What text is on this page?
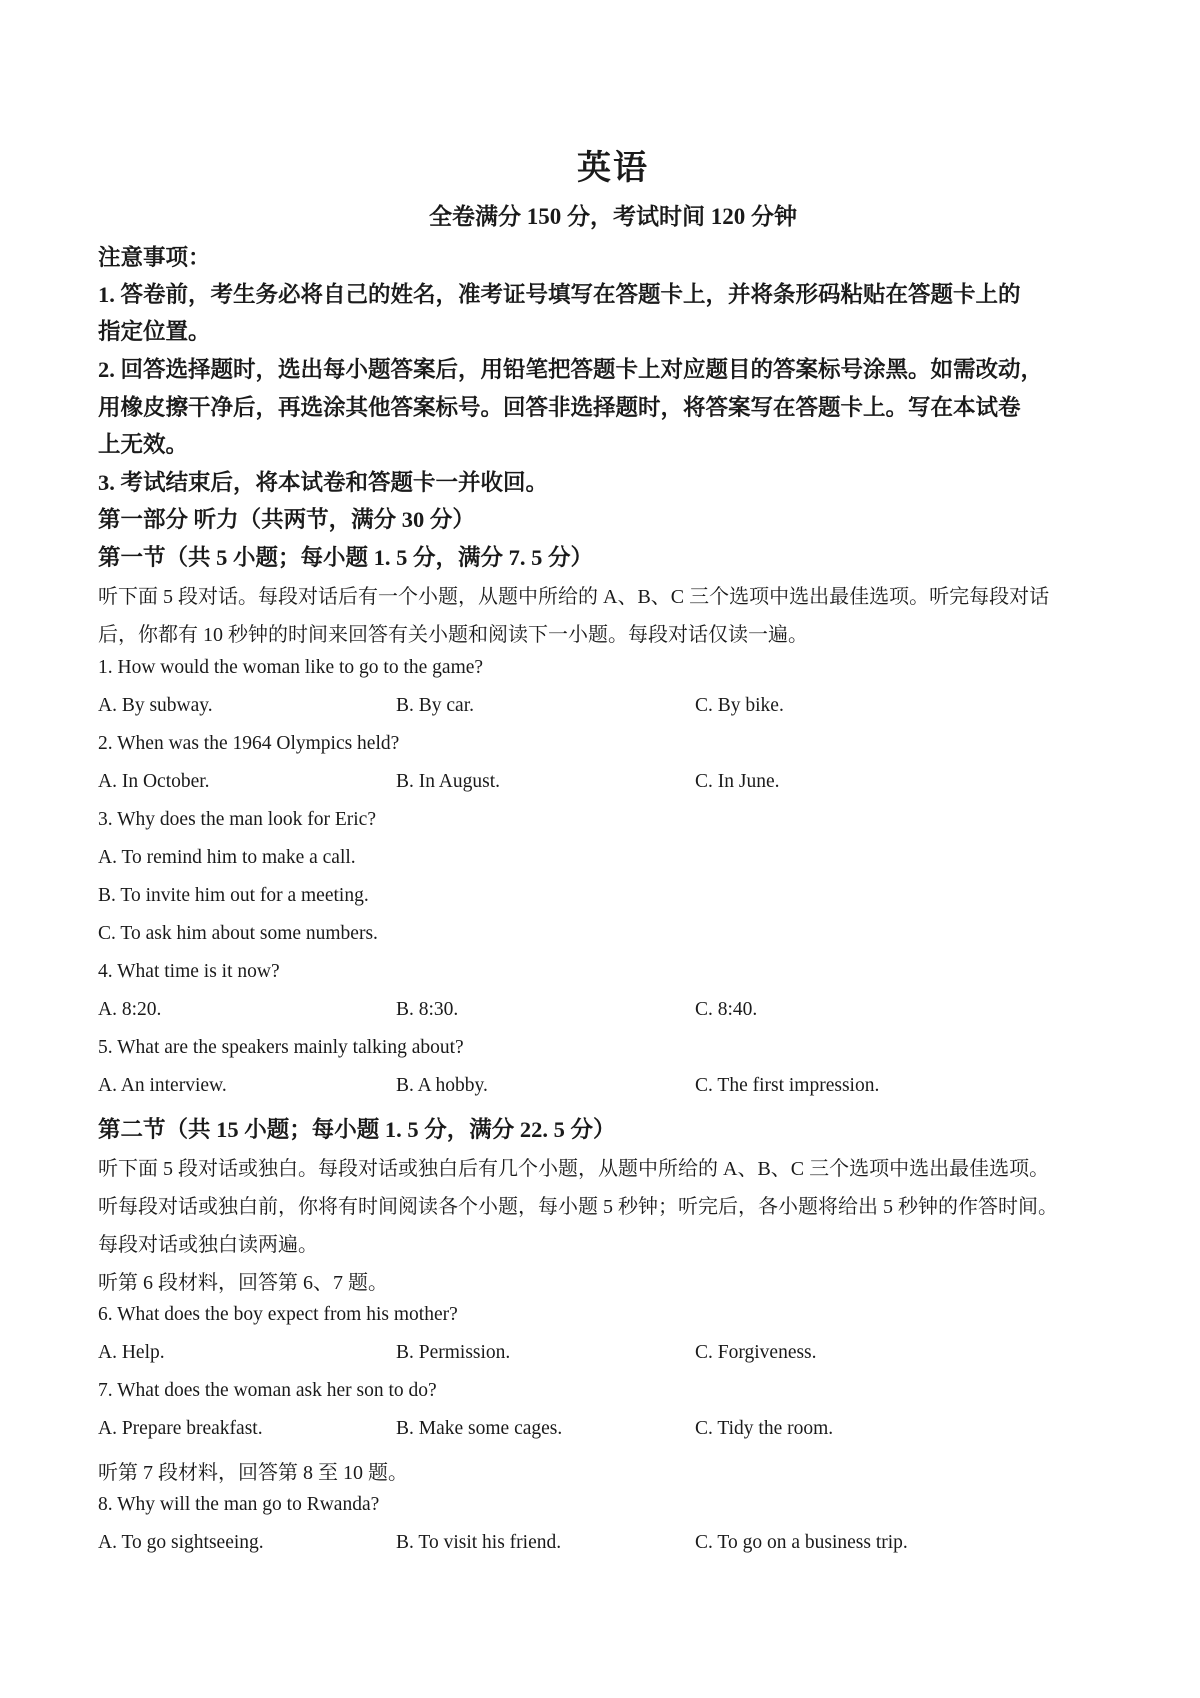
英语
全卷满分 150 分，考试时间 120 分钟
注意事项：
1. 答卷前，考生务必将自己的姓名，准考证号填写在答题卡上，并将条形码粘贴在答题卡上的
指定位置。
2. 回答选择题时，选出每小题答案后，用铅笔把答题卡上对应题目的答案标号涂黑。如需改动，
用橡皮擦干净后，再选涂其他答案标号。回答非选择题时，将答案写在答题卡上。写在本试卷
上无效。
3. 考试结束后，将本试卷和答题卡一并收回。
第一部分 听力（共两节，满分 30 分）
第一节（共 5 小题；每小题 1. 5 分，满分 7. 5 分）
听下面 5 段对话。每段对话后有一个小题，从题中所给的 A、B、C 三个选项中选出最佳选项。听完每段对话
后，你都有 10 秒钟的时间来回答有关小题和阅读下一小题。每段对话仅读一遍。
1. How would the woman like to go to the game?
A. By subway.	B. By car.	C. By bike.
2. When was the 1964 Olympics held?
A. In October.	B. In August.	C. In June.
3. Why does the man look for Eric?
A. To remind him to make a call.
B. To invite him out for a meeting.
C. To ask him about some numbers.
4. What time is it now?
A. 8:20.	B. 8:30.	C. 8:40.
5. What are the speakers mainly talking about?
A. An interview.	B. A hobby.	C. The first impression.
第二节（共 15 小题；每小题 1. 5 分，满分 22. 5 分）
听下面 5 段对话或独白。每段对话或独白后有几个小题，从题中所给的 A、B、C 三个选项中选出最佳选项。
听每段对话或独白前，你将有时间阅读各个小题，每小题 5 秒钟；听完后，各小题将给出 5 秒钟的作答时间。
每段对话或独白读两遍。
听第 6 段材料，回答第 6、7 题。
6. What does the boy expect from his mother?
A. Help.	B. Permission.	C. Forgiveness.
7. What does the woman ask her son to do?
A. Prepare breakfast.	B. Make some cages.	C. Tidy the room.
听第 7 段材料，回答第 8 至 10 题。
8. Why will the man go to Rwanda?
A. To go sightseeing.	B. To visit his friend.	C. To go on a business trip.
